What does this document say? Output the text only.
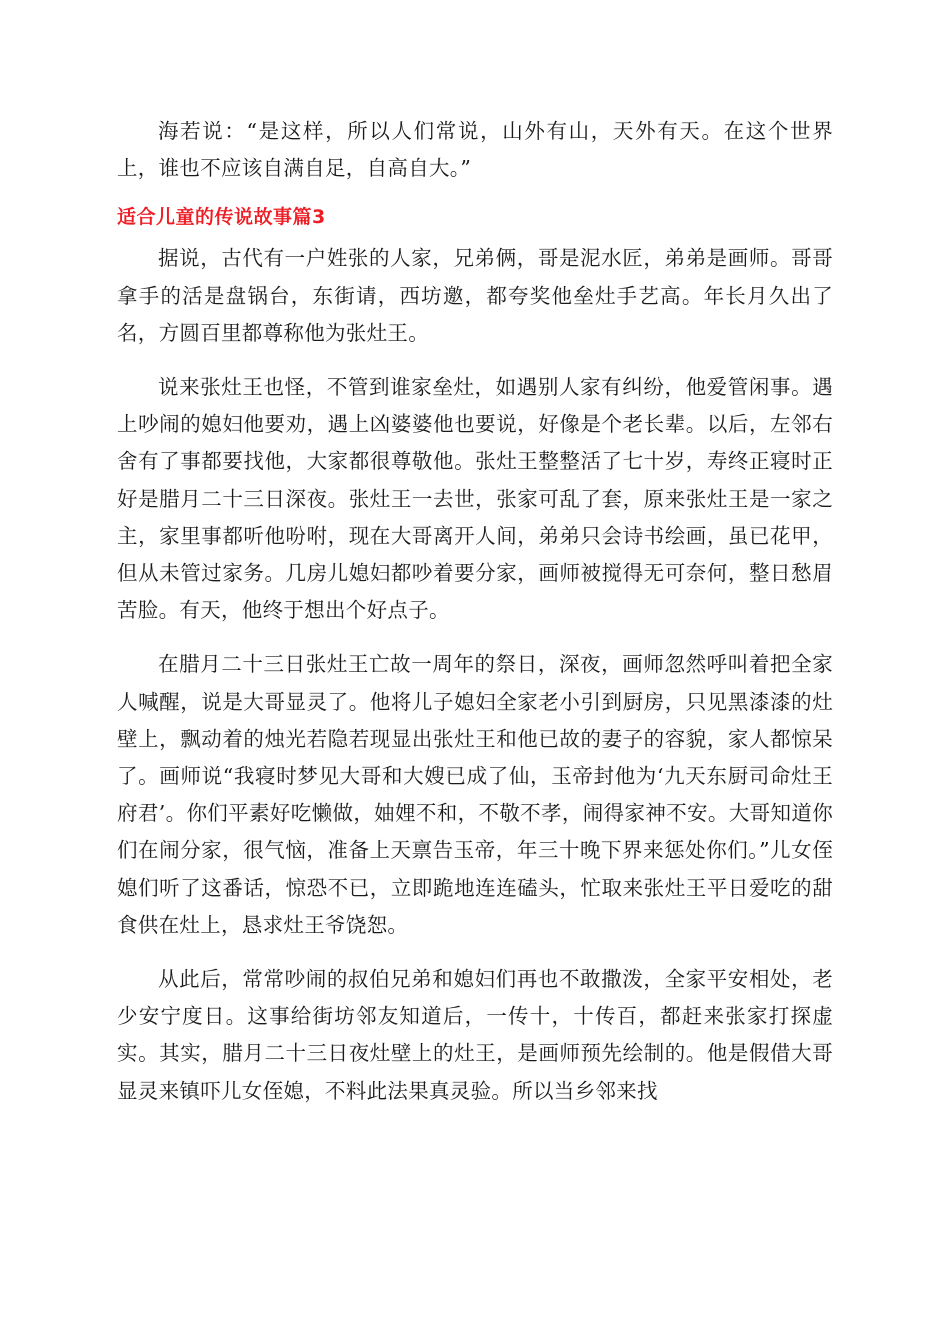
海若说：“是这样，所以人们常说，山外有山，天外有天。在这个世界上，谁也不应该自满自足，自高自大。”

适合儿童的传说故事篇3

据说，古代有一户姓张的人家，兄弟俩，哥是泥水匠，弟弟是画师。哥哥拿手的活是盘锅台，东街请，西坊邀，都夸奖他垒灶手艺高。年长月久出了名，方圆百里都尊称他为张灶王。

说来张灶王也怪，不管到谁家垒灶，如遇别人家有纠纷，他爱管闲事。遇上吵闹的媳妇他要劝，遇上凶婆婆他也要说，好像是个老长辈。以后，左邻右舍有了事都要找他，大家都很尊敬他。张灶王整整活了七十岁，寿终正寝时正好是腊月二十三日深夜。张灶王一去世，张家可乱了套，原来张灶王是一家之主，家里事都听他吩咐，现在大哥离开人间，弟弟只会诗书绘画，虽已花甲，但从未管过家务。几房儿媳妇都吵着要分家，画师被搅得无可奈何，整日愁眉苦脸。有天，他终于想出个好点子。

在腊月二十三日张灶王亡故一周年的祭日，深夜，画师忽然呼叫着把全家人喊醒，说是大哥显灵了。他将儿子媳妇全家老小引到厨房，只见黑漆漆的灶壁上，飘动着的烛光若隐若现显出张灶王和他已故的妻子的容貌，家人都惊呆了。画师说“我寝时梦见大哥和大嫂已成了仙，玉帝封他为‘九天东厨司命灶王府君’。你们平素好吃懒做，妯娌不和，不敬不孝，闹得家神不安。大哥知道你们在闹分家，很气恼，准备上天禀告玉帝，年三十晚下界来惩处你们。”儿女侄媳们听了这番话，惊恐不已，立即跪地连连磕头，忙取来张灶王平日爱吃的甜食供在灶上，恳求灶王爷饶恕。

从此后，常常吵闹的叔伯兄弟和媳妇们再也不敢撒泼，全家平安相处，老少安宁度日。这事给街坊邻友知道后，一传十，十传百，都赶来张家打探虚实。其实，腊月二十三日夜灶壁上的灶王，是画师预先绘制的。他是假借大哥显灵来镇吓儿女侄媳，不料此法果真灵验。所以当乡邻来找
